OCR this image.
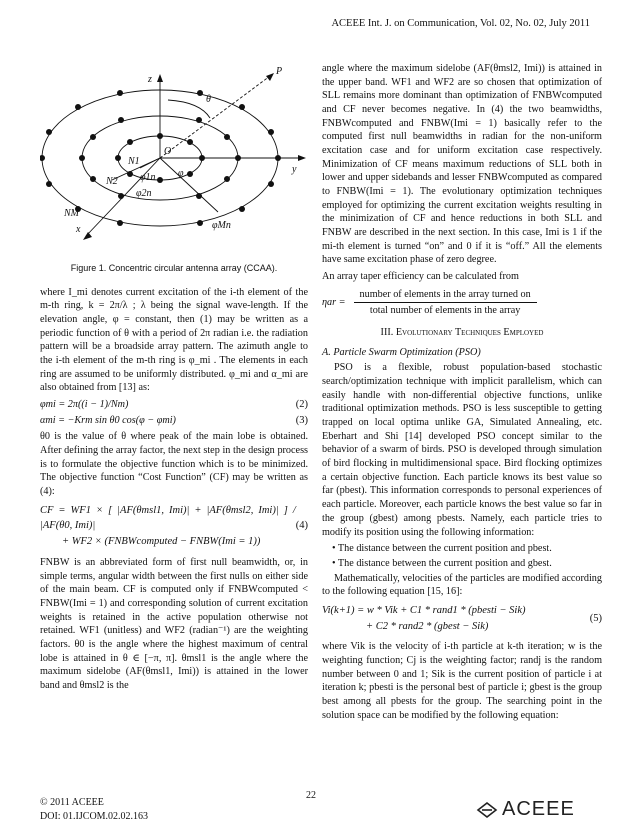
ACEEE Int. J. on Communication, Vol. 02, No. 02, July 2011
z
θ
P
y
x
N1
N2
NM
φ1n
φ2n
φMn
φ
O
Figure 1. Concentric circular antenna array (CCAA).

where I_mi denotes current excitation of the i-th element of the m-th ring, k = 2π/λ ; λ being the signal wave-length. If the elevation angle, φ = constant, then (1) may be written as a periodic function of θ with a period of 2π radian i.e. the radiation pattern will be a broadside array pattern. The azimuth angle to the i-th element of the m-th ring is φ_mi . The elements in each ring are assumed to be uniformly distributed. φ_mi and α_mi are also obtained from [13] as:

φmi = 2π((i − 1)/Nm)	(2)
αmi = −Krm sin θ0 cos(φ − φmi)	(3)

θ0 is the value of θ where peak of the main lobe is obtained. After defining the array factor, the next step in the design process is to formulate the objective function which is to be minimized. The objective function “Cost Function” (CF) may be written as (4):

CF = WF1 × [ |AF(θmsl1, Imi)| + |AF(θmsl2, Imi)| ] / |AF(θ0, Imi)|
+ WF2 × (FNBWcomputed − FNBW(Imi = 1))
(4)

FNBW is an abbreviated form of first null beamwidth, or, in simple terms, angular width between the first nulls on either side of the main beam. CF is computed only if FNBWcomputed < FNBW(Imi = 1) and corresponding solution of current excitation weights is retained in the active population otherwise not retained. WF1 (unitless) and WF2 (radian⁻¹) are the weighting factors. θ0 is the angle where the highest maximum of central lobe is attained in θ ∈ [−π, π]. θmsl1 is the angle where the maximum sidelobe (AF(θmsl1, Imi)) is attained in the lower band and θmsl2 is the

angle where the maximum sidelobe (AF(θmsl2, Imi)) is attained in the upper band. WF1 and WF2 are so chosen that optimization of SLL remains more dominant than optimization of FNBWcomputed and CF never becomes negative. In (4) the two beamwidths, FNBWcomputed and FNBW(Imi = 1) basically refer to the computed first null beamwidths in radian for the non-uniform excitation case and for uniform excitation case respectively. Minimization of CF means maximum reductions of SLL both in lower and upper sidebands and lesser FNBWcomputed as compared to FNBW(Imi = 1). The evolutionary optimization techniques employed for optimizing the current excitation weights resulting in the minimization of CF and hence reductions in both SLL and FNBW are described in the next section. In this case, Imi is 1 if the mi-th element is turned “on” and 0 if it is “off.” All the elements have same excitation phase of zero degree.

An array taper efficiency can be calculated from

$\eta ar = \frac{\text{number of elements in the array turned on}}{\text{total number of elements in the array}}$
III. Evolutionary Techniques Employed
A. Particle Swarm Optimization (PSO)

PSO is a flexible, robust population-based stochastic search/optimization technique with implicit parallelism, which can easily handle with non-differential objective functions, unlike traditional optimization methods. PSO is less susceptible to getting trapped on local optima unlike GA, Simulated Annealing, etc. Eberhart and Shi [14] developed PSO concept similar to the behavior of a swarm of birds. PSO is developed through simulation of bird flocking in multidimensional space. Bird flocking optimizes a certain objective function. Each particle knows its best value so far (pbest). This information corresponds to personal experiences of each particle. Moreover, each particle knows the best value so far in the group (gbest) among pbests. Namely, each particle tries to modify its position using the following information:

• The distance between the current position and pbest.
• The distance between the current position and gbest.

Mathematically, velocities of the particles are modified according to the following equation [15, 16]:

Vi(k+1) = w * Vik + C1 * rand1 * (pbesti − Sik)
+ C2 * rand2 * (gbest − Sik)
(5)

where Vik is the velocity of i-th particle at k-th iteration; w is the weighting function; Cj is the weighting factor; randj is the random number between 0 and 1; Sik is the current position of particle i at iteration k; pbesti is the personal best of particle i; gbest is the group best among all pbests for the group. The searching point in the solution space can be modified by the following equation:

22
© 2011 ACEEE
DOI: 01.IJCOM.02.02.163	ACEEE
